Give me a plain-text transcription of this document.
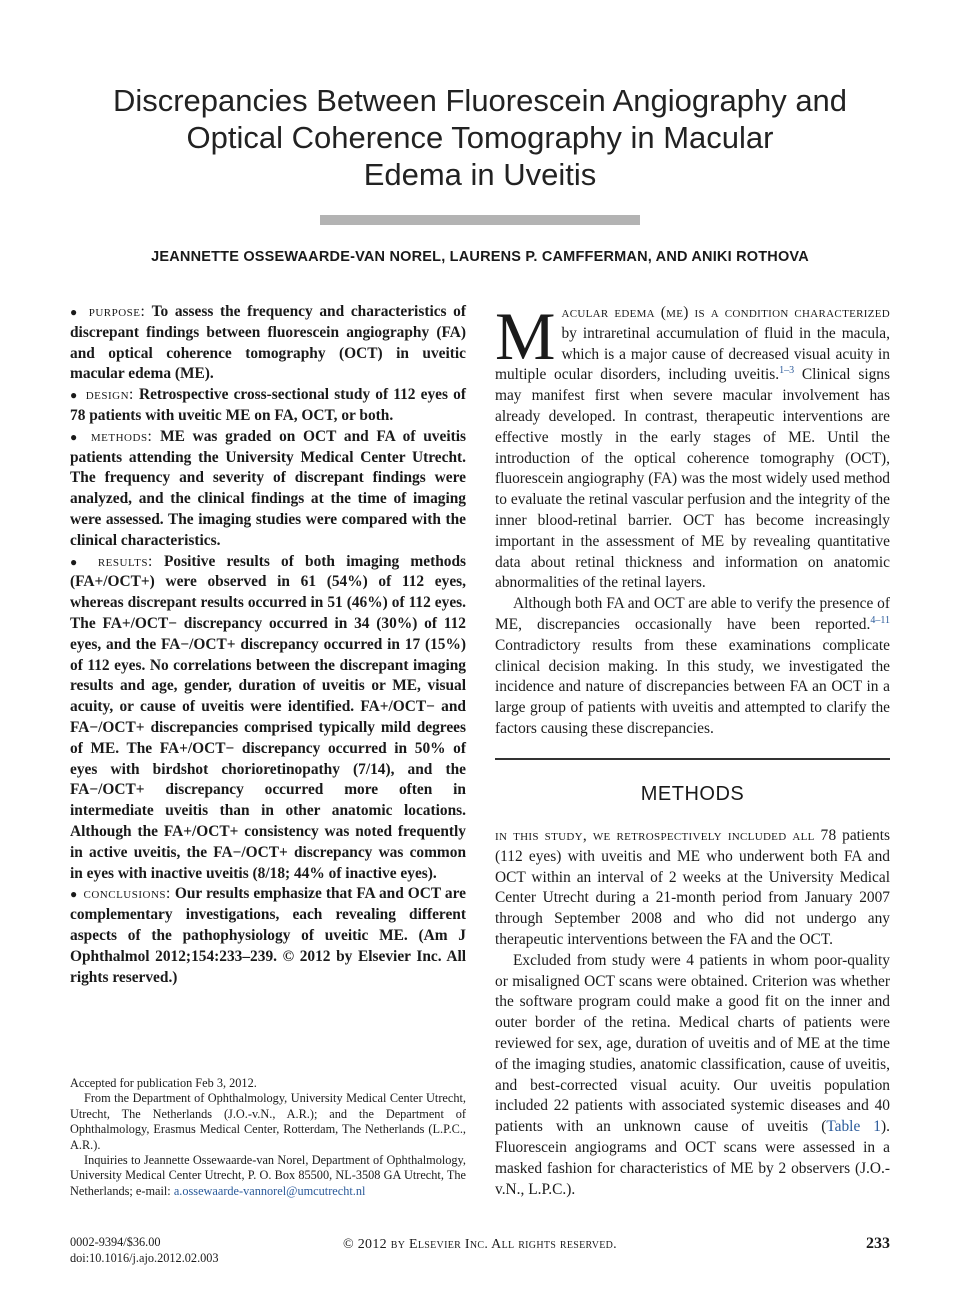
Discrepancies Between Fluorescein Angiography and
Optical Coherence Tomography in Macular
Edema in Uveitis
JEANNETTE OSSEWAARDE-VAN NOREL, LAURENS P. CAMFFERMAN, AND ANIKI ROTHOVA

● purpose: To assess the frequency and characteristics of discrepant findings between fluorescein angiography (FA) and optical coherence tomography (OCT) in uveitic macular edema (ME).

● design: Retrospective cross-sectional study of 112 eyes of 78 patients with uveitic ME on FA, OCT, or both.

● methods: ME was graded on OCT and FA of uveitis patients attending the University Medical Center Utrecht. The frequency and severity of discrepant findings were analyzed, and the clinical findings at the time of imaging were assessed. The imaging studies were compared with the clinical characteristics.

● results: Positive results of both imaging methods (FA+/OCT+) were observed in 61 (54%) of 112 eyes, whereas discrepant results occurred in 51 (46%) of 112 eyes. The FA+/OCT− discrepancy occurred in 34 (30%) of 112 eyes, and the FA−/OCT+ discrepancy occurred in 17 (15%) of 112 eyes. No correlations between the discrepant imaging results and age, gender, duration of uveitis or ME, visual acuity, or cause of uveitis were identified. FA+/OCT− and FA−/OCT+ discrepancies comprised typically mild degrees of ME. The FA+/OCT− discrepancy occurred in 50% of eyes with birdshot chorioretinopathy (7/14), and the FA−/OCT+ discrepancy occurred more often in intermediate uveitis than in other anatomic locations. Although the FA+/OCT+ consistency was noted frequently in active uveitis, the FA−/OCT+ discrepancy was common in eyes with inactive uveitis (8/18; 44% of inactive eyes).

● conclusions: Our results emphasize that FA and OCT are complementary investigations, each revealing different aspects of the pathophysiology of uveitic ME. (Am J Ophthalmol 2012;154:233–239. © 2012 by Elsevier Inc. All rights reserved.)

Accepted for publication Feb 3, 2012.

From the Department of Ophthalmology, University Medical Center Utrecht, Utrecht, The Netherlands (J.O.-v.N., A.R.); and the Department of Ophthalmology, Erasmus Medical Center, Rotterdam, The Netherlands (L.P.C., A.R.).

Inquiries to Jeannette Ossewaarde-van Norel, Department of Ophthalmology, University Medical Center Utrecht, P. O. Box 85500, NL-3508 GA Utrecht, The Netherlands; e-mail: a.ossewaarde-vannorel@umcutrecht.nl

Macular edema (me) is a condition characterized by intraretinal accumulation of fluid in the macula, which is a major cause of decreased visual acuity in multiple ocular disorders, including uveitis.$^{1-3}$ Clinical signs may manifest first when severe macular involvement has already developed. In contrast, therapeutic interventions are effective mostly in the early stages of ME. Until the introduction of the optical coherence tomography (OCT), fluorescein angiography (FA) was the most widely used method to evaluate the retinal vascular perfusion and the integrity of the inner blood-retinal barrier. OCT has become increasingly important in the assessment of ME by revealing quantitative data about retinal thickness and information on anatomic abnormalities of the retinal layers.

Although both FA and OCT are able to verify the presence of ME, discrepancies occasionally have been reported.$^{4-11}$ Contradictory results from these examinations complicate clinical decision making. In this study, we investigated the incidence and nature of discrepancies between FA an OCT in a large group of patients with uveitis and attempted to clarify the factors causing these discrepancies.

METHODS

in this study, we retrospectively included all 78 patients (112 eyes) with uveitis and ME who underwent both FA and OCT within an interval of 2 weeks at the University Medical Center Utrecht during a 21-month period from January 2007 through September 2008 and who did not undergo any therapeutic interventions between the FA and the OCT.

Excluded from study were 4 patients in whom poor-quality or misaligned OCT scans were obtained. Criterion was whether the software program could make a good fit on the inner and outer border of the retina. Medical charts of patients were reviewed for sex, age, duration of uveitis and of ME at the time of the imaging studies, anatomic classification, cause of uveitis, and best-corrected visual acuity. Our uveitis population included 22 patients with associated systemic diseases and 40 patients with an unknown cause of uveitis (Table 1). Fluorescein angiograms and OCT scans were assessed in a masked fashion for characteristics of ME by 2 observers (J.O.-v.N., L.P.C.).

0002-9394/$36.00
doi:10.1016/j.ajo.2012.02.003
© 2012 by Elsevier Inc. All rights reserved.	233
